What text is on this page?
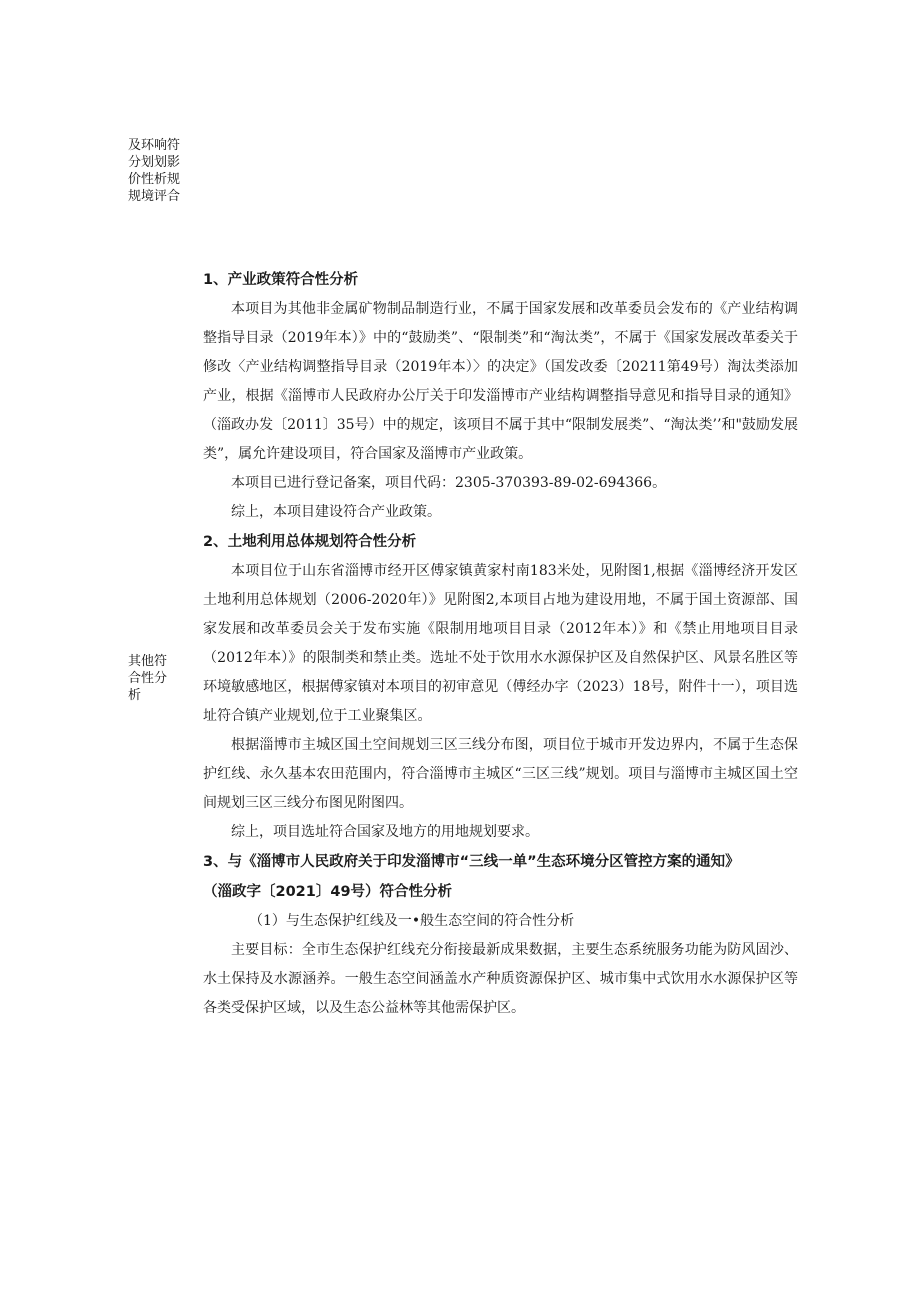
及环响符分划划影价性析规规境评合
其他符合性分析

1、产业政策符合性分析

本项目为其他非金属矿物制品制造行业，不属于国家发展和改革委员会发布的《产业结构调整指导目录（2019年本）》中的“鼓励类”、“限制类”和“淘汰类”，不属于《国家发展改革委关于修改〈产业结构调整指导目录（2019年本）〉的决定》（国发改委〔20211第49号）淘汰类添加产业，根据《淄博市人民政府办公厅关于印发淄博市产业结构调整指导意见和指导目录的通知》（淄政办发〔2011〕35号）中的规定，该项目不属于其中“限制发展类”、“淘汰类’’和"鼓励发展类”，属允许建设项目，符合国家及淄博市产业政策。

本项目已进行登记备案，项目代码：2305-370393-89-02-694366。

综上，本项目建设符合产业政策。

2、土地利用总体规划符合性分析

本项目位于山东省淄博市经开区傅家镇黄家村南183米处，见附图1,根据《淄博经济开发区土地利用总体规划（2006-2020年）》见附图2,本项目占地为建设用地，不属于国土资源部、国家发展和改革委员会关于发布实施《限制用地项目目录（2012年本）》和《禁止用地项目目录（2012年本）》的限制类和禁止类。选址不处于饮用水水源保护区及自然保护区、风景名胜区等环境敏感地区，根据傅家镇对本项目的初审意见（傅经办字（2023）18号，附件十一），项目选址符合镇产业规划,位于工业聚集区。

根据淄博市主城区国土空间规划三区三线分布图，项目位于城市开发边界内，不属于生态保护红线、永久基本农田范围内，符合淄博市主城区“三区三线”规划。项目与淄博市主城区国土空间规划三区三线分布图见附图四。

综上，项目选址符合国家及地方的用地规划要求。

3、与《淄博市人民政府关于印发淄博市“三线一单”生态环境分区管控方案的通知》

（淄政字〔2021〕49号）符合性分析

（1）与生态保护红线及一•般生态空间的符合性分析

主要目标：全市生态保护红线充分衔接最新成果数据，主要生态系统服务功能为防风固沙、水土保持及水源涵养。一般生态空间涵盖水产种质资源保护区、城市集中式饮用水水源保护区等各类受保护区域，以及生态公益林等其他需保护区。
